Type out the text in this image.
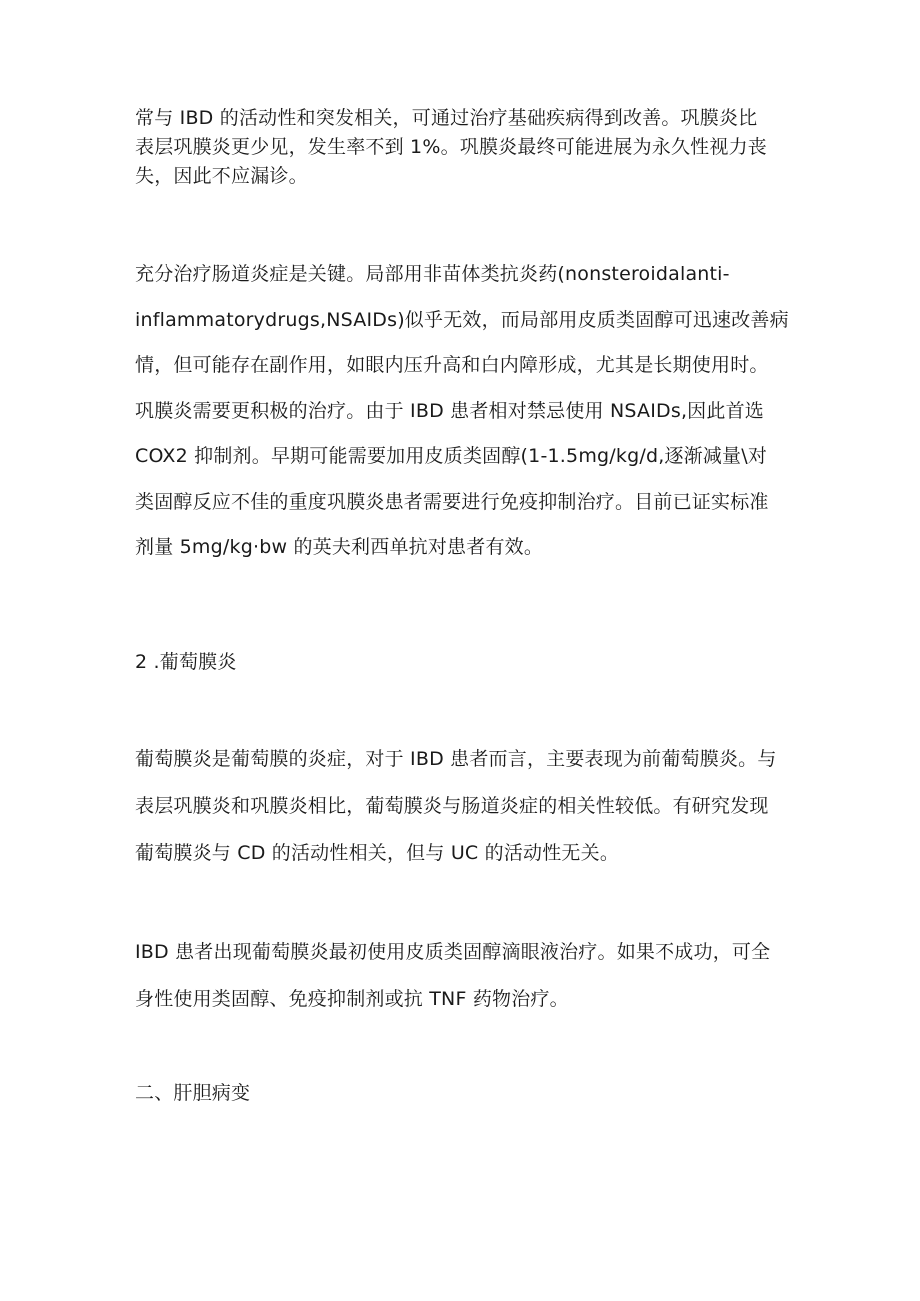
常与 IBD 的活动性和突发相关，可通过治疗基础疾病得到改善。巩膜炎比
表层巩膜炎更少见，发生率不到 1%。巩膜炎最终可能进展为永久性视力丧
失，因此不应漏诊。

充分治疗肠道炎症是关键。局部用非苗体类抗炎药(nonsteroidalanti-
inflammatorydrugs,NSAIDs)似乎无效，而局部用皮质类固醇可迅速改善病
情，但可能存在副作用，如眼内压升高和白内障形成，尤其是长期使用时。
巩膜炎需要更积极的治疗。由于 IBD 患者相对禁忌使用 NSAIDs,因此首选
COX2 抑制剂。早期可能需要加用皮质类固醇(1-1.5mg/kg/d,逐渐减量\对
类固醇反应不佳的重度巩膜炎患者需要进行免疫抑制治疗。目前已证实标准
剂量 5mg∕kg·bw 的英夫利西单抗对患者有效。

2 .葡萄膜炎

葡萄膜炎是葡萄膜的炎症，对于 IBD 患者而言，主要表现为前葡萄膜炎。与
表层巩膜炎和巩膜炎相比，葡萄膜炎与肠道炎症的相关性较低。有研究发现
葡萄膜炎与 CD 的活动性相关，但与 UC 的活动性无关。

IBD 患者出现葡萄膜炎最初使用皮质类固醇滴眼液治疗。如果不成功，可全
身性使用类固醇、免疫抑制剂或抗 TNF 药物治疗。

二、肝胆病变
